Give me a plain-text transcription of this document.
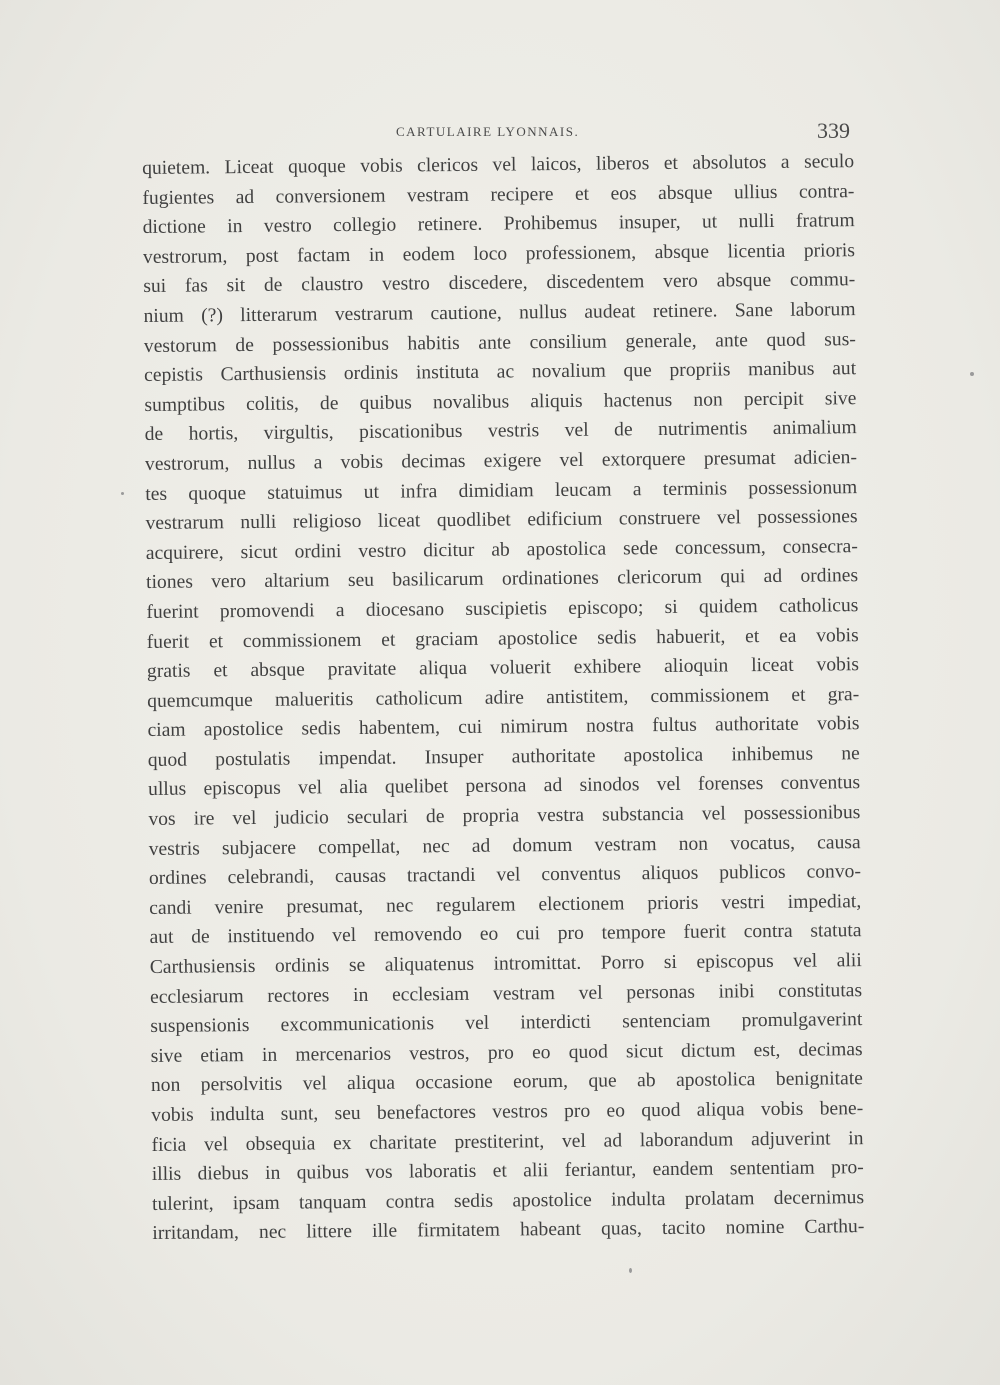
CARTULAIRE LYONNAIS.	339
quietem. Liceat quoque vobis clericos vel laicos, liberos et absolutos a seculo
fugientes ad conversionem vestram recipere et eos absque ullius contra-
dictione in vestro collegio retinere. Prohibemus insuper, ut nulli fratrum
vestrorum, post factam in eodem loco professionem, absque licentia prioris
sui fas sit de claustro vestro discedere, discedentem vero absque commu-
nium (?) litterarum vestrarum cautione, nullus audeat retinere. Sane laborum
vestorum de possessionibus habitis ante consilium generale, ante quod sus-
cepistis Carthusiensis ordinis instituta ac novalium que propriis manibus aut
sumptibus colitis, de quibus novalibus aliquis hactenus non percipit sive
de hortis, virgultis, piscationibus vestris vel de nutrimentis animalium
vestrorum, nullus a vobis decimas exigere vel extorquere presumat adicien-
tes quoque statuimus ut infra dimidiam leucam a terminis possessionum
vestrarum nulli religioso liceat quodlibet edificium construere vel possessiones
acquirere, sicut ordini vestro dicitur ab apostolica sede concessum, consecra-
tiones vero altarium seu basilicarum ordinationes clericorum qui ad ordines
fuerint promovendi a diocesano suscipietis episcopo; si quidem catholicus
fuerit et commissionem et graciam apostolice sedis habuerit, et ea vobis
gratis et absque pravitate aliqua voluerit exhibere alioquin liceat vobis
quemcumque malueritis catholicum adire antistitem, commissionem et gra-
ciam apostolice sedis habentem, cui nimirum nostra fultus authoritate vobis
quod postulatis impendat. Insuper authoritate apostolica inhibemus ne
ullus episcopus vel alia quelibet persona ad sinodos vel forenses conventus
vos ire vel judicio seculari de propria vestra substancia vel possessionibus
vestris subjacere compellat, nec ad domum vestram non vocatus, causa
ordines celebrandi, causas tractandi vel conventus aliquos publicos convo-
candi venire presumat, nec regularem electionem prioris vestri impediat,
aut de instituendo vel removendo eo cui pro tempore fuerit contra statuta
Carthusiensis ordinis se aliquatenus intromittat. Porro si episcopus vel alii
ecclesiarum rectores in ecclesiam vestram vel personas inibi constitutas
suspensionis excommunicationis vel interdicti sentenciam promulgaverint
sive etiam in mercenarios vestros, pro eo quod sicut dictum est, decimas
non persolvitis vel aliqua occasione eorum, que ab apostolica benignitate
vobis indulta sunt, seu benefactores vestros pro eo quod aliqua vobis bene-
ficia vel obsequia ex charitate prestiterint, vel ad laborandum adjuverint in
illis diebus in quibus vos laboratis et alii feriantur, eandem sententiam pro-
tulerint, ipsam tanquam contra sedis apostolice indulta prolatam decernimus
irritandam, nec littere ille firmitatem habeant quas, tacito nomine Carthu-
